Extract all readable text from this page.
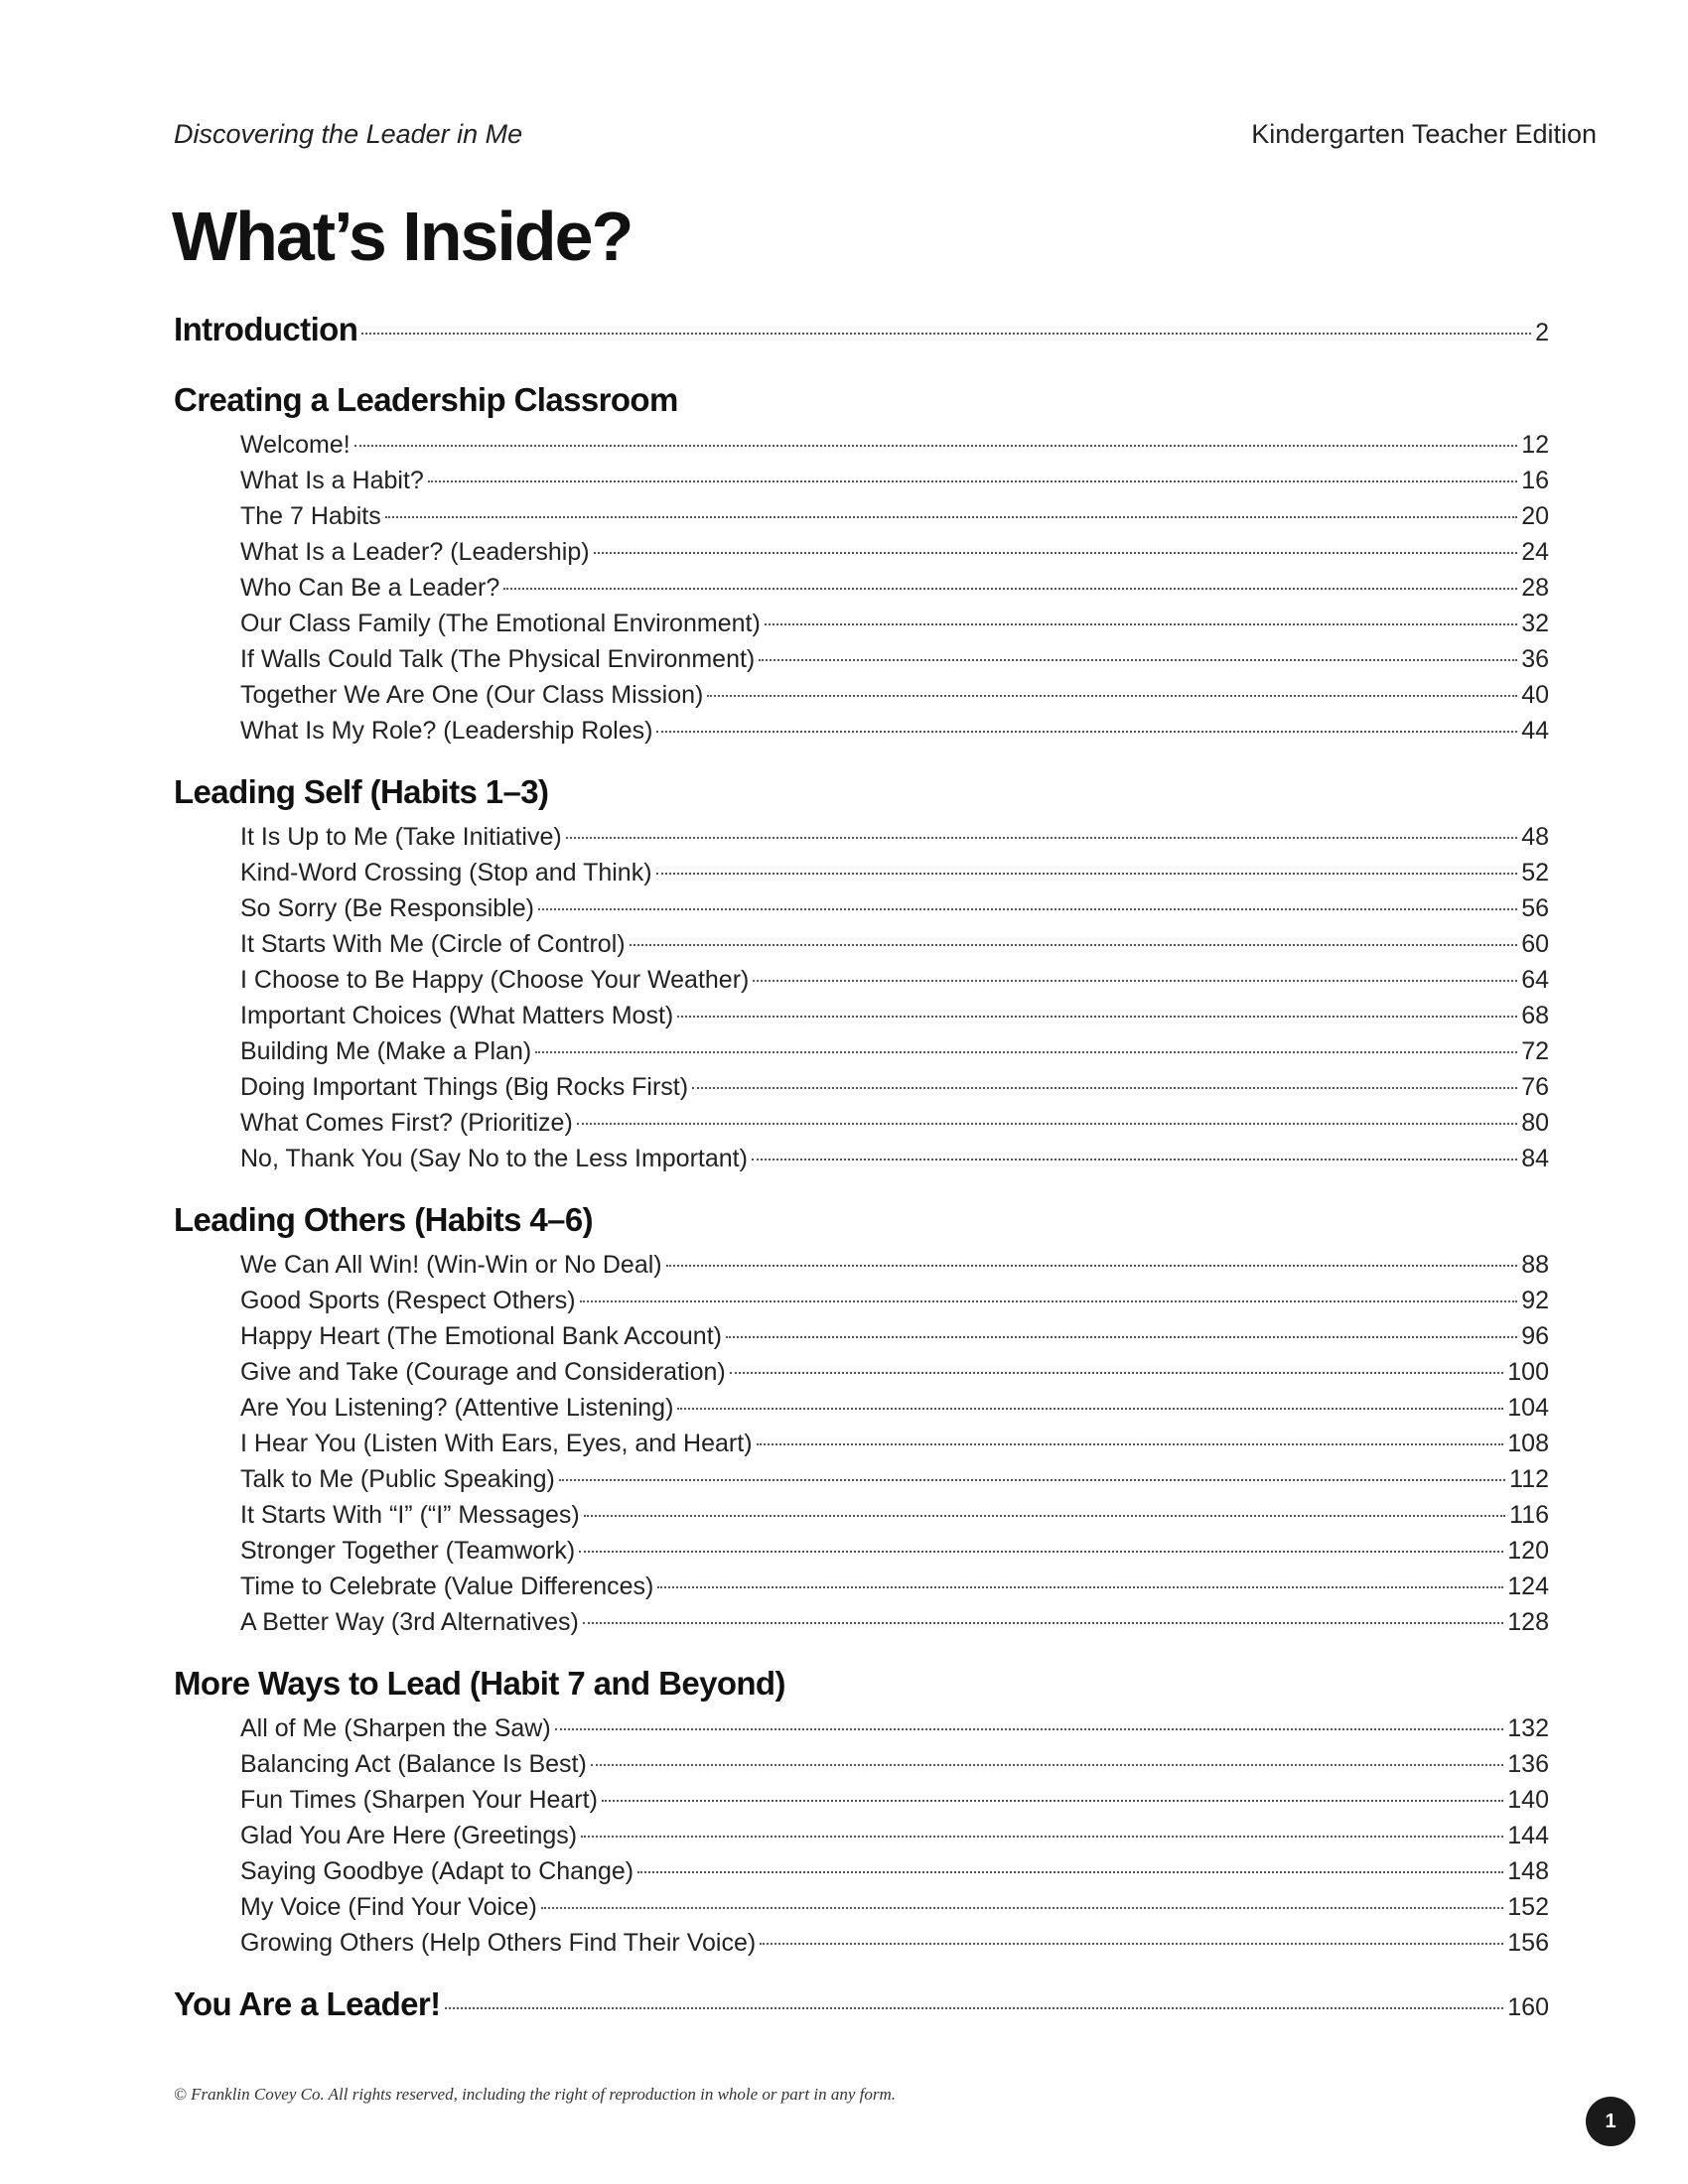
Discovering the Leader in Me	Kindergarten Teacher Edition
What’s Inside?
Introduction	2
Creating a Leadership Classroom
Welcome!	12
What Is a Habit?	16
The 7 Habits	20
What Is a Leader? (Leadership)	24
Who Can Be a Leader?	28
Our Class Family (The Emotional Environment)	32
If Walls Could Talk (The Physical Environment)	36
Together We Are One (Our Class Mission)	40
What Is My Role? (Leadership Roles)	44
Leading Self (Habits 1–3)
It Is Up to Me (Take Initiative)	48
Kind-Word Crossing (Stop and Think)	52
So Sorry (Be Responsible)	56
It Starts With Me (Circle of Control)	60
I Choose to Be Happy (Choose Your Weather)	64
Important Choices (What Matters Most)	68
Building Me (Make a Plan)	72
Doing Important Things (Big Rocks First)	76
What Comes First? (Prioritize)	80
No, Thank You (Say No to the Less Important)	84
Leading Others (Habits 4–6)
We Can All Win! (Win-Win or No Deal)	88
Good Sports (Respect Others)	92
Happy Heart (The Emotional Bank Account)	96
Give and Take (Courage and Consideration)	100
Are You Listening? (Attentive Listening)	104
I Hear You (Listen With Ears, Eyes, and Heart)	108
Talk to Me (Public Speaking)	112
It Starts With “I” (“I” Messages)	116
Stronger Together (Teamwork)	120
Time to Celebrate (Value Differences)	124
A Better Way (3rd Alternatives)	128
More Ways to Lead (Habit 7 and Beyond)
All of Me (Sharpen the Saw)	132
Balancing Act (Balance Is Best)	136
Fun Times (Sharpen Your Heart)	140
Glad You Are Here (Greetings)	144
Saying Goodbye (Adapt to Change)	148
My Voice (Find Your Voice)	152
Growing Others (Help Others Find Their Voice)	156
You Are a Leader!	160
© Franklin Covey Co. All rights reserved, including the right of reproduction in whole or part in any form.
1
